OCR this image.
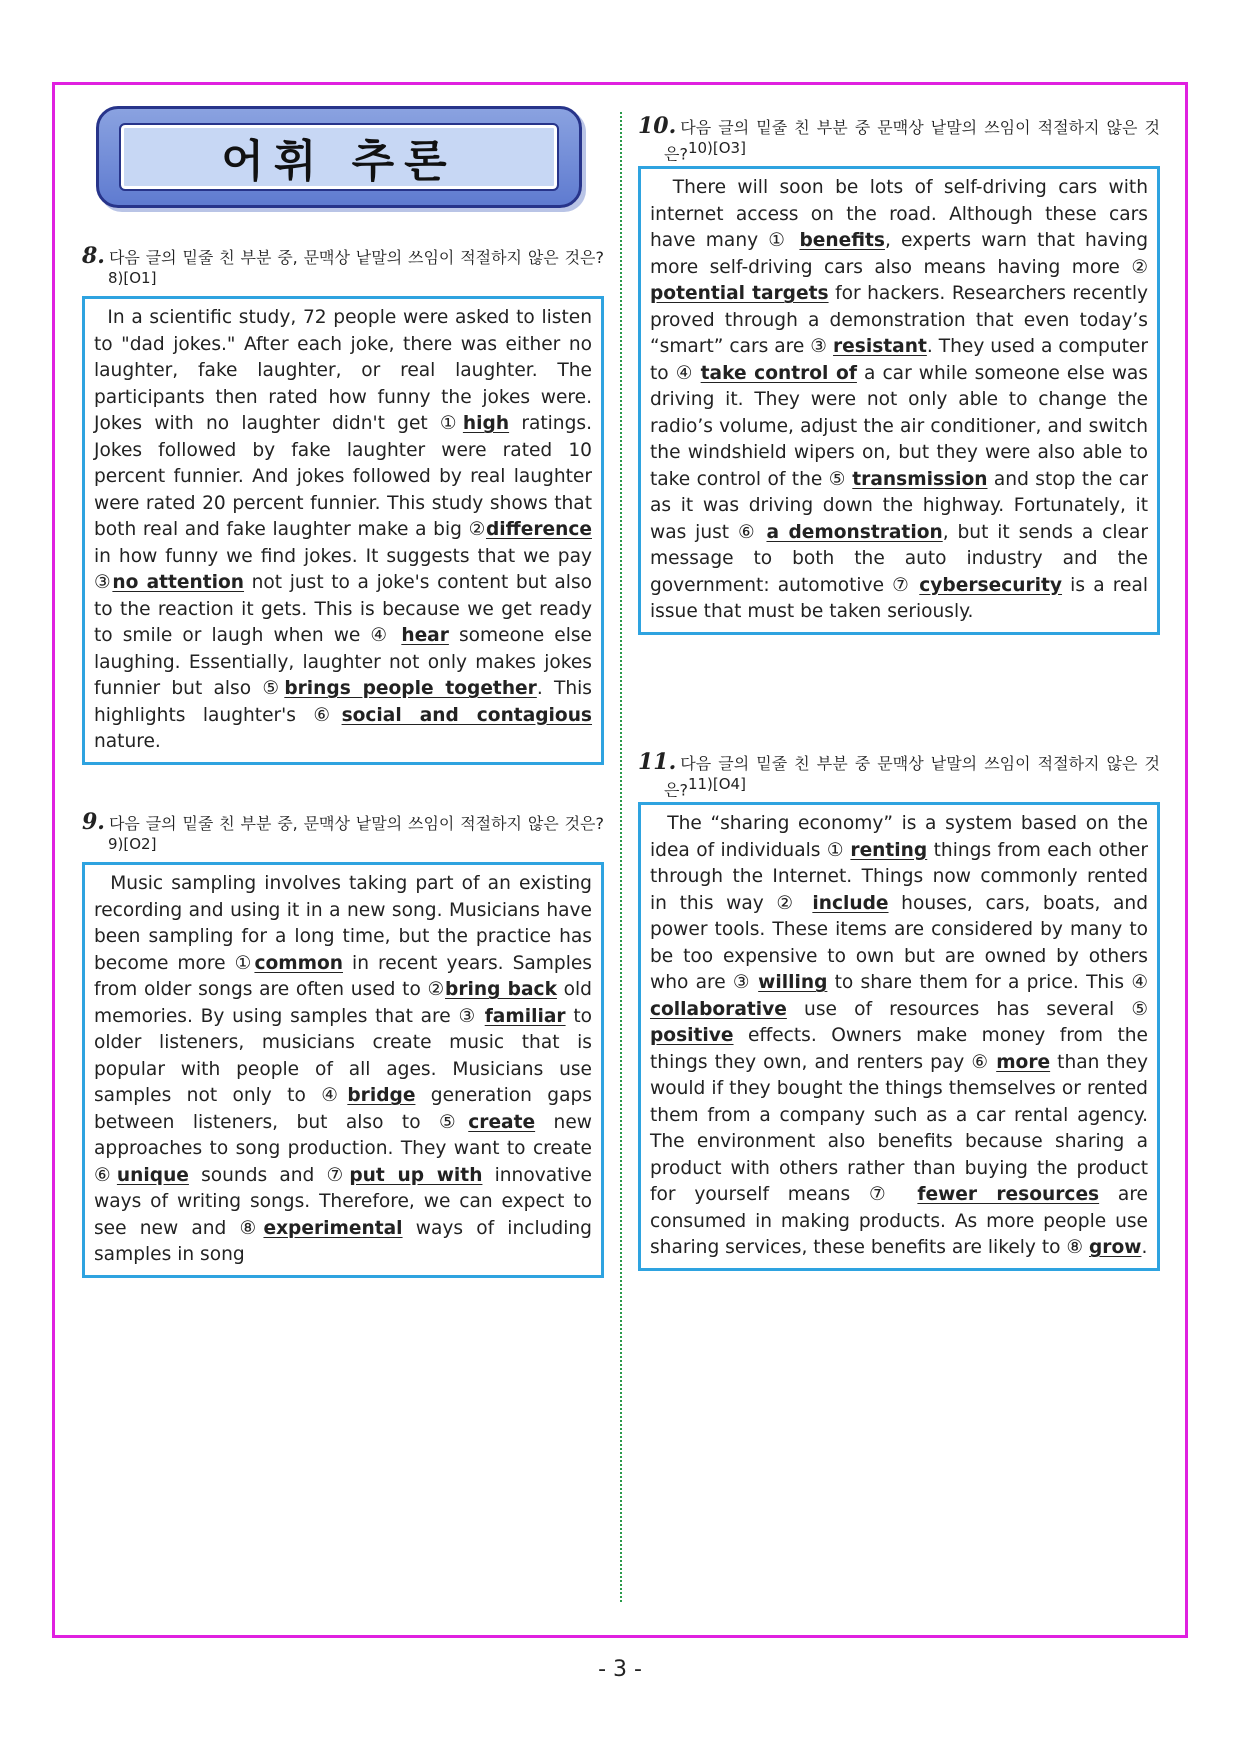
어휘 추론
8. 다음 글의 밑줄 친 부분 중, 문맥상 낱말의 쓰임이 적절하지 않은 것은?$^{8)[O1]}$
In a scientific study, 72 people were asked to listen to "dad jokes." After each joke, there was either no laughter, fake laughter, or real laughter. The participants then rated how funny the jokes were. Jokes with no laughter didn't get ①high ratings. Jokes followed by fake laughter were rated 10 percent funnier. And jokes followed by real laughter were rated 20 percent funnier. This study shows that both real and fake laughter make a big ②difference in how funny we find jokes. It suggests that we pay ③no attention not just to a joke's content but also to the reaction it gets. This is because we get ready to smile or laugh when we ④ hear someone else laughing. Essentially, laughter not only makes jokes funnier but also ⑤brings people together. This highlights laughter's ⑥social and contagious nature.
9. 다음 글의 밑줄 친 부분 중, 문맥상 낱말의 쓰임이 적절하지 않은 것은?$^{9)[O2]}$
Music sampling involves taking part of an existing recording and using it in a new song. Musicians have been sampling for a long time, but the practice has become more ①common in recent years. Samples from older songs are often used to ②bring back old memories. By using samples that are ③ familiar to older listeners, musicians create music that is popular with people of all ages. Musicians use samples not only to ④bridge generation gaps between listeners, but also to ⑤create new approaches to song production. They want to create ⑥unique sounds and ⑦put up with innovative ways of writing songs. Therefore, we can expect to see new and ⑧experimental ways of including samples in song
10. 다음 글의 밑줄 친 부분 중 문맥상 낱말의 쓰임이 적절하지 않은 것은?$^{10)[O3]}$
There will soon be lots of self-driving cars with internet access on the road. Although these cars have many ① benefits, experts warn that having more self-driving cars also means having more ② potential targets for hackers. Researchers recently proved through a demonstration that even today’s “smart” cars are ③ resistant. They used a computer to ④ take control of a car while someone else was driving it. They were not only able to change the radio’s volume, adjust the air conditioner, and switch the windshield wipers on, but they were also able to take control of the ⑤ transmission and stop the car as it was driving down the highway. Fortunately, it was just ⑥ a demonstration, but it sends a clear message to both the auto industry and the government: automotive ⑦ cybersecurity is a real issue that must be taken seriously.
11. 다음 글의 밑줄 친 부분 중 문맥상 낱말의 쓰임이 적절하지 않은 것은?$^{11)[O4]}$
The “sharing economy” is a system based on the idea of individuals ① renting things from each other through the Internet. Things now commonly rented in this way ② include houses, cars, boats, and power tools. These items are considered by many to be too expensive to own but are owned by others who are ③ willing to share them for a price. This ④ collaborative use of resources has several ⑤ positive effects. Owners make money from the things they own, and renters pay ⑥ more than they would if they bought the things themselves or rented them from a company such as a car rental agency. The environment also benefits because sharing a product with others rather than buying the product for yourself means ⑦ fewer resources are consumed in making products. As more people use sharing services, these benefits are likely to ⑧ grow.
- 3 -
